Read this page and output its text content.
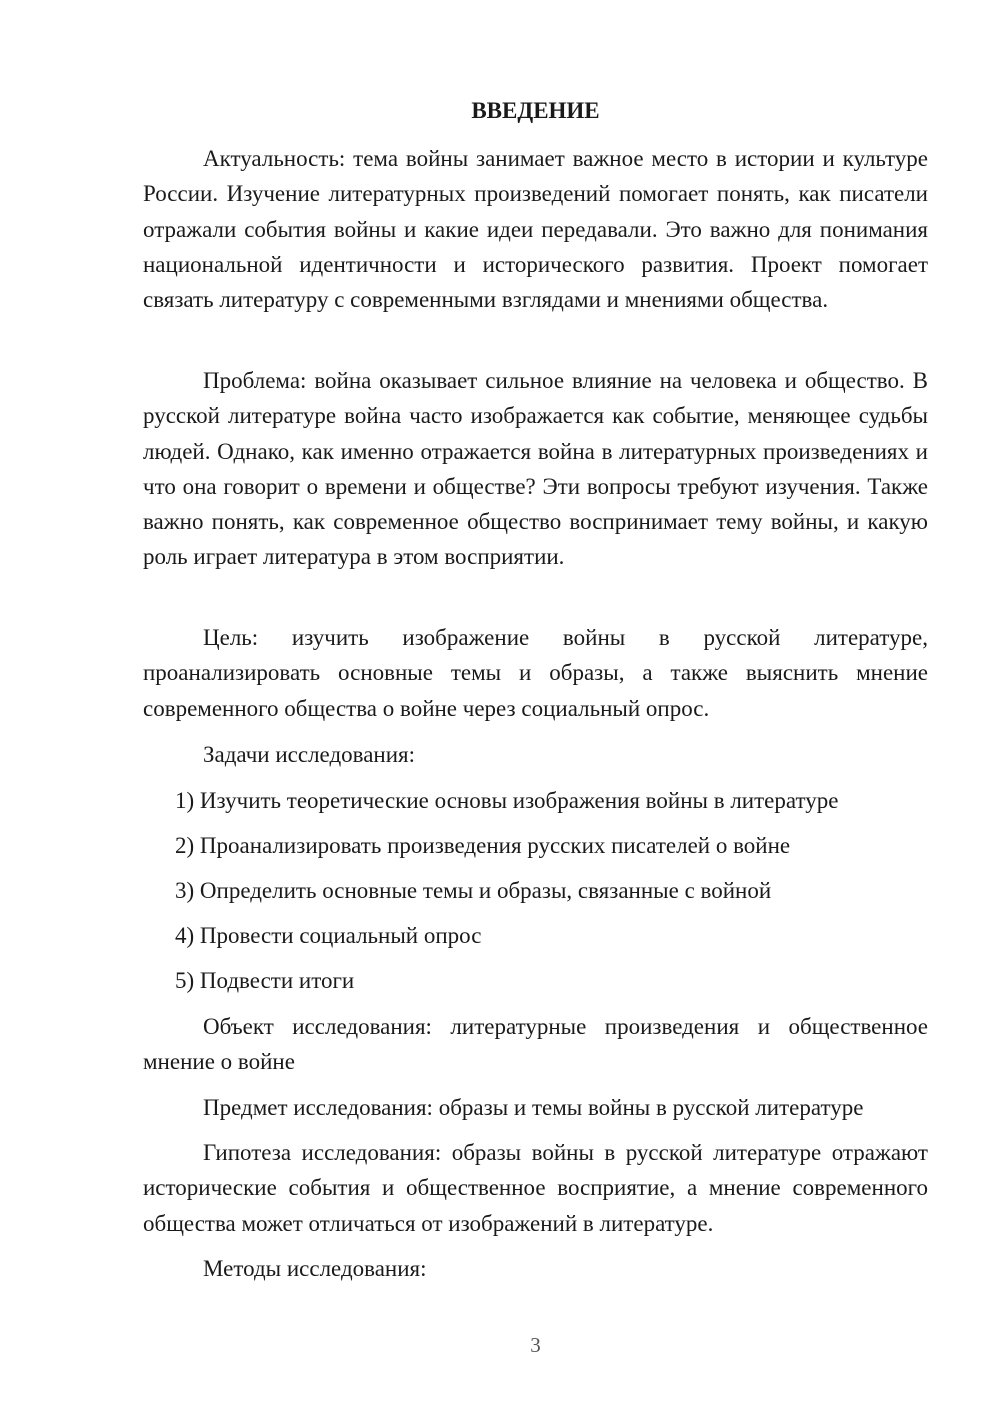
ВВЕДЕНИЕ

Актуальность: тема войны занимает важное место в истории и культуре России. Изучение литературных произведений помогает понять, как писатели отражали события войны и какие идеи передавали. Это важно для понимания национальной идентичности и исторического развития. Проект помогает связать литературу с современными взглядами и мнениями общества.

Проблема: война оказывает сильное влияние на человека и общество. В русской литературе война часто изображается как событие, меняющее судьбы людей. Однако, как именно отражается война в литературных произведениях и что она говорит о времени и обществе? Эти вопросы требуют изучения. Также важно понять, как современное общество воспринимает тему войны, и какую роль играет литература в этом восприятии.

Цель: изучить изображение войны в русской литературе, проанализировать основные темы и образы, а также выяснить мнение современного общества о войне через социальный опрос.

Задачи исследования:

1) Изучить теоретические основы изображения войны в литературе

2) Проанализировать произведения русских писателей о войне

3) Определить основные темы и образы, связанные с войной

4) Провести социальный опрос

5) Подвести итоги

Объект исследования: литературные произведения и общественное мнение о войне

Предмет исследования: образы и темы войны в русской литературе

Гипотеза исследования: образы войны в русской литературе отражают исторические события и общественное восприятие, а мнение современного общества может отличаться от изображений в литературе.

Методы исследования:

3
